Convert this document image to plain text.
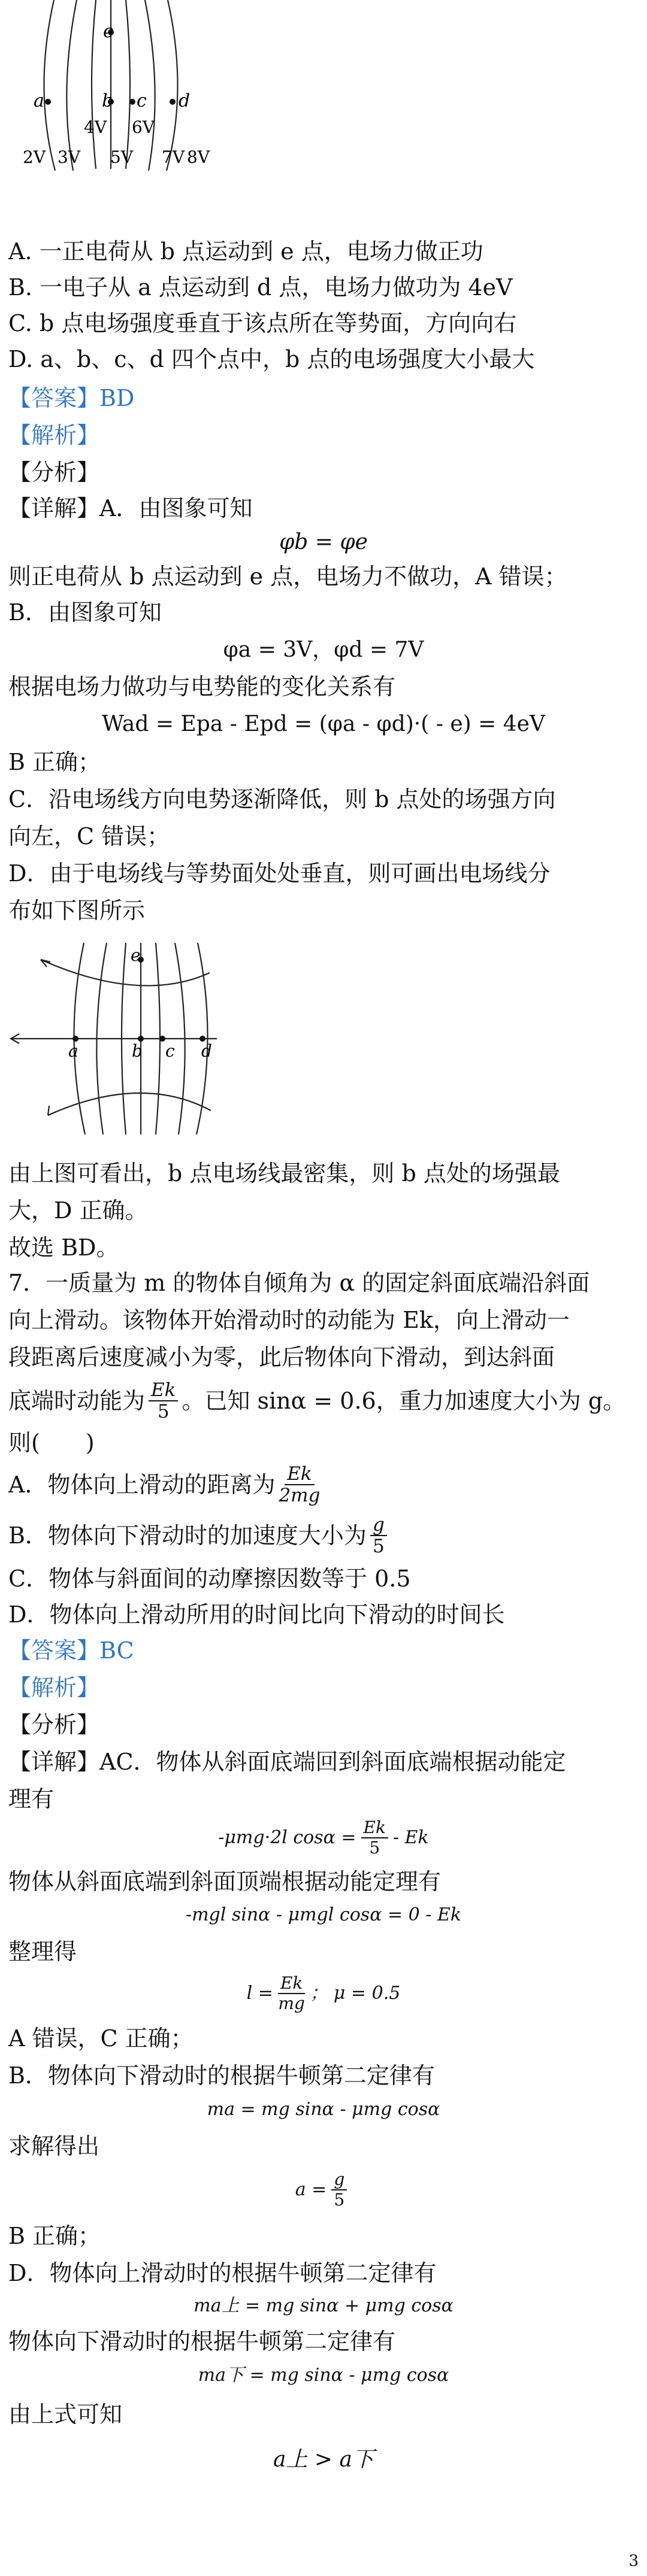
e
a	b c d
2V 3V
4V
5V
6V
7V 8V
A. 一正电荷从 b 点运动到 e 点，电场力做正功
B. 一电子从 a 点运动到 d 点，电场力做功为 4eV
C. b 点电场强度垂直于该点所在等势面，方向向右
D. a、b、c、d 四个点中，b 点的电场强度大小最大
【答案】BD
【解析】
【分析】
【详解】A．由图象可知
φb = φe
则正电荷从 b 点运动到 e 点，电场力不做功，A 错误；
B．由图象可知
φa = 3V，φd = 7V
根据电场力做功与电势能的变化关系有
Wad = Epa - Epd = (φa - φd)·( - e) = 4eV
B 正确；
C．沿电场线方向电势逐渐降低，则 b 点处的场强方向
向左，C 错误；
D．由于电场线与等势面处处垂直，则可画出电场线分
布如下图所示
e
a	b c d
由上图可看出，b 点电场线最密集，则 b 点处的场强最
大，D 正确。
故选 BD。
7．一质量为 m 的物体自倾角为 α 的固定斜面底端沿斜面
向上滑动。该物体开始滑动时的动能为 Ek，向上滑动一
段距离后速度减小为零，此后物体向下滑动，到达斜面
底端时动能为 $\frac{Ek}{5}$ 。已知 sinα = 0.6，重力加速度大小为 g。
则(　　)
A．物体向上滑动的距离为 $\frac{Ek}{2mg}$
B．物体向下滑动时的加速度大小为 $\frac{g}{5}$
C．物体与斜面间的动摩擦因数等于 0.5
D．物体向上滑动所用的时间比向下滑动的时间长
【答案】BC
【解析】
【分析】
【详解】AC．物体从斜面底端回到斜面底端根据动能定
理有
-μmg·2l $\cos\alpha = \frac{Ek}{5} - Ek$
物体从斜面底端到斜面顶端根据动能定理有
-mgl sinα - μmgl cosα = 0 - Ek
整理得
$l = \frac{Ek}{mg}$ ； μ = 0.5
A 错误，C 正确；
B．物体向下滑动时的根据牛顿第二定律有
ma = mg sinα - μmg cosα
求解得出
$a = \frac{g}{5}$
B 正确；
D．物体向上滑动时的根据牛顿第二定律有
ma上 = mg sinα + μmg cosα
物体向下滑动时的根据牛顿第二定律有
ma下 = mg sinα - μmg cosα
由上式可知
a上 > a下
3
